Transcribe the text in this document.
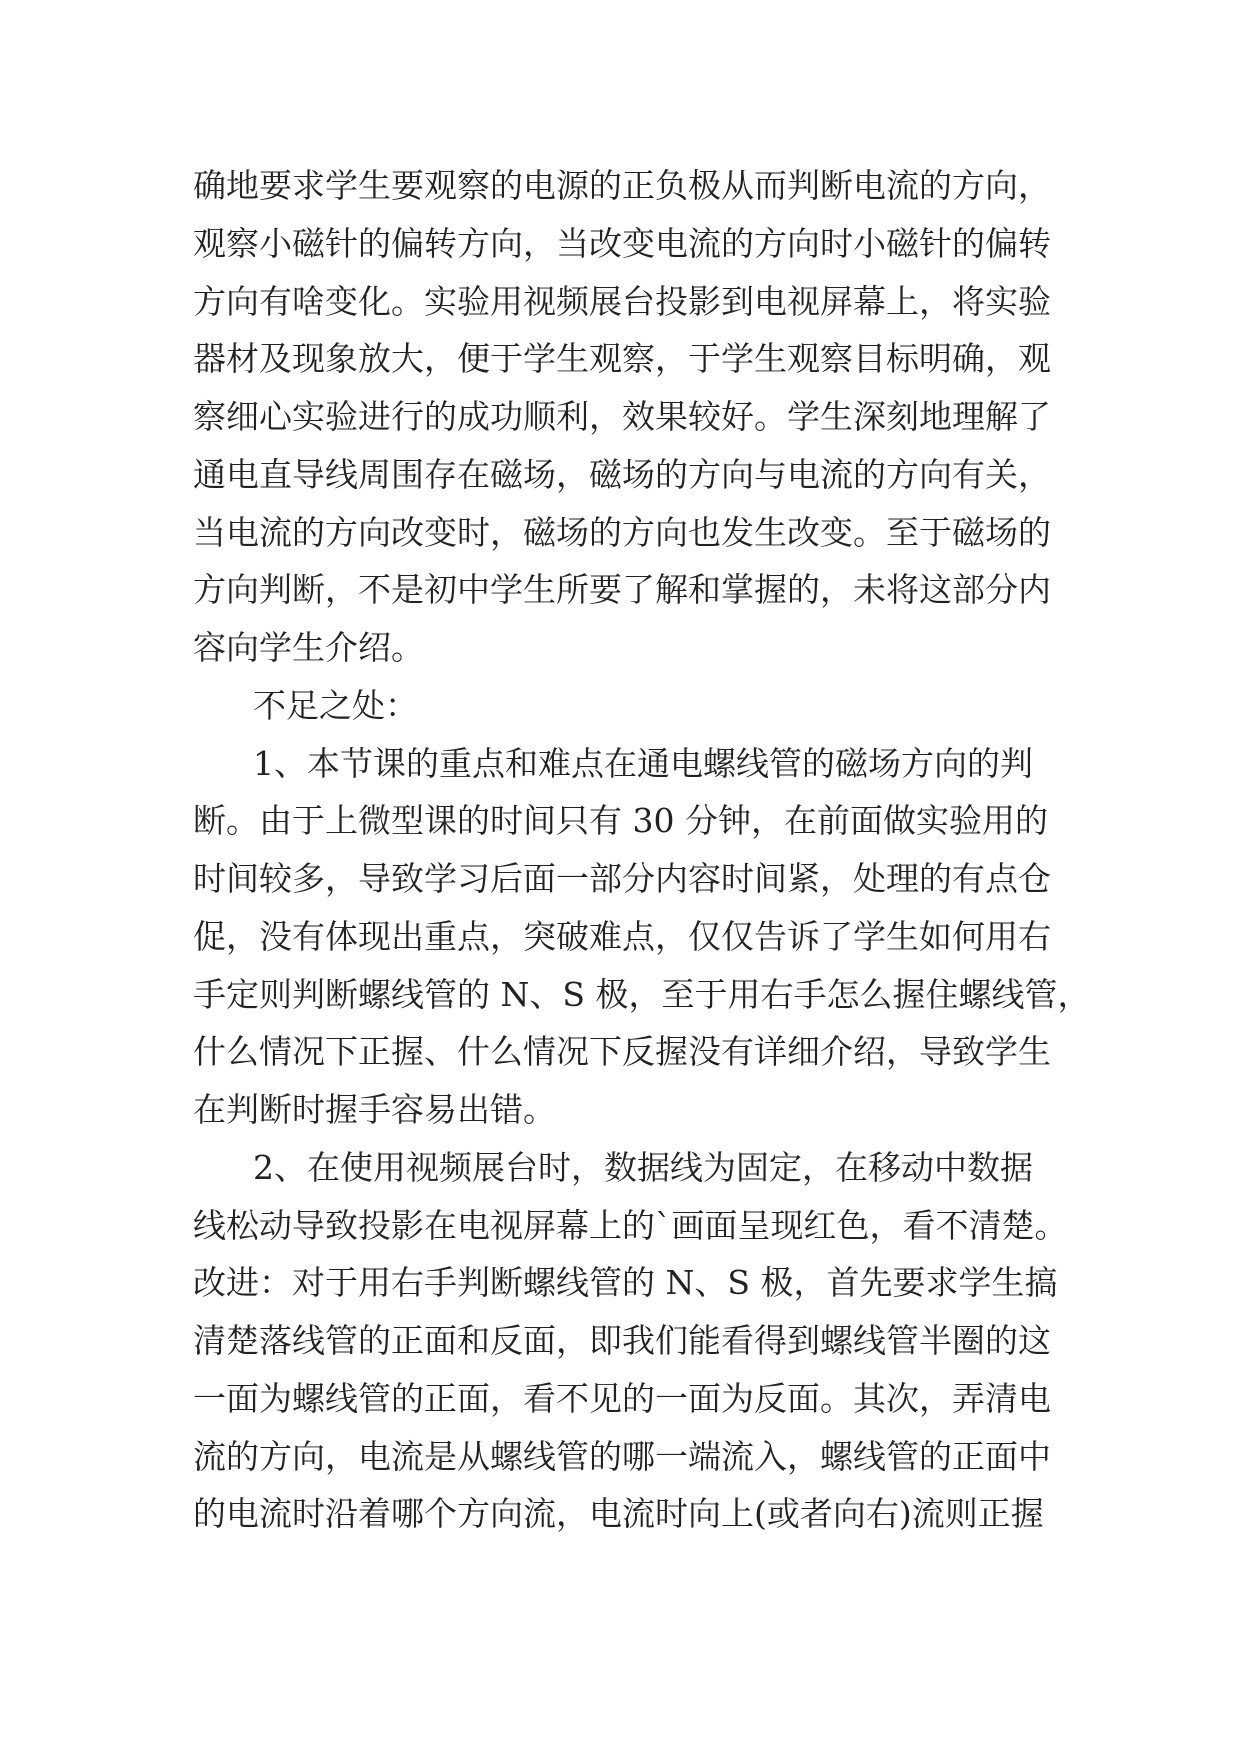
确地要求学生要观察的电源的正负极从而判断电流的方向，
观察小磁针的偏转方向，当改变电流的方向时小磁针的偏转
方向有啥变化。实验用视频展台投影到电视屏幕上，将实验
器材及现象放大，便于学生观察，于学生观察目标明确，观
察细心实验进行的成功顺利，效果较好。学生深刻地理解了
通电直导线周围存在磁场，磁场的方向与电流的方向有关，
当电流的方向改变时，磁场的方向也发生改变。至于磁场的
方向判断，不是初中学生所要了解和掌握的，未将这部分内
容向学生介绍。
不足之处：
1、本节课的重点和难点在通电螺线管的磁场方向的判
断。由于上微型课的时间只有 30 分钟，在前面做实验用的
时间较多，导致学习后面一部分内容时间紧，处理的有点仓
促，没有体现出重点，突破难点，仅仅告诉了学生如何用右
手定则判断螺线管的 N、S 极，至于用右手怎么握住螺线管，
什么情况下正握、什么情况下反握没有详细介绍，导致学生
在判断时握手容易出错。
2、在使用视频展台时，数据线为固定，在移动中数据
线松动导致投影在电视屏幕上的`画面呈现红色，看不清楚。
改进：对于用右手判断螺线管的 N、S 极，首先要求学生搞
清楚落线管的正面和反面，即我们能看得到螺线管半圈的这
一面为螺线管的正面，看不见的一面为反面。其次，弄清电
流的方向，电流是从螺线管的哪一端流入，螺线管的正面中
的电流时沿着哪个方向流，电流时向上(或者向右)流则正握
